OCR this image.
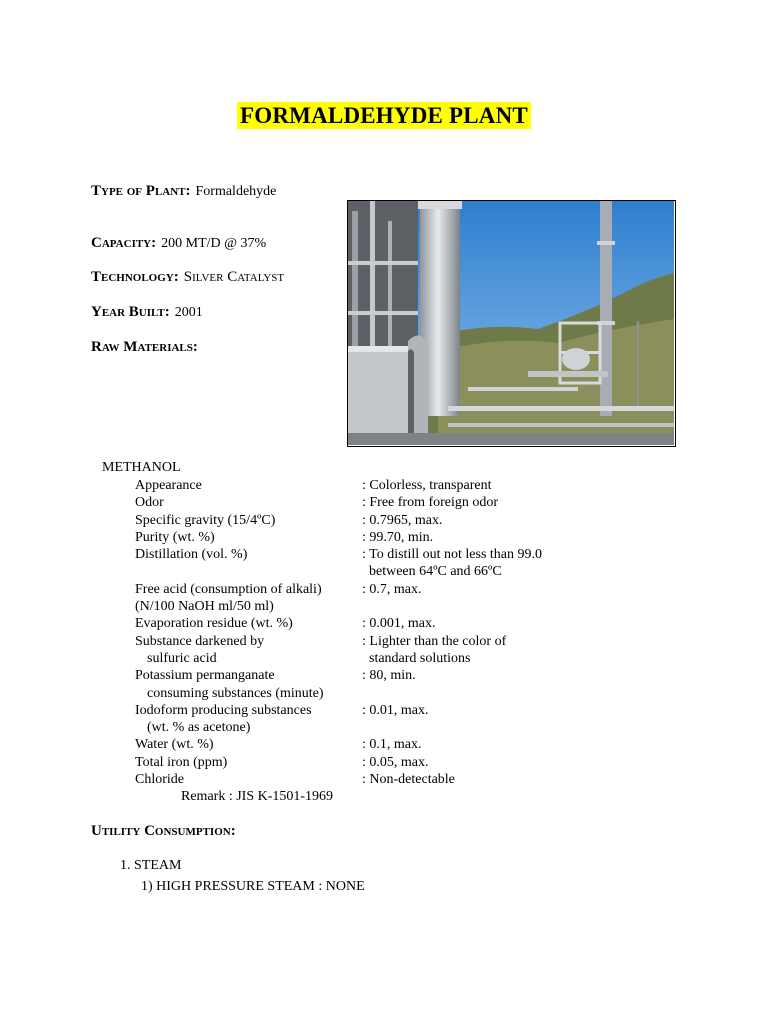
FORMALDEHYDE PLANT
Type of Plant: Formaldehyde
Capacity: 200 MT/D @ 37%
Technology: Silver Catalyst
Year Built: 2001
Raw Materials:
METHANOL
Appearance	: Colorless, transparent
Odor	: Free from foreign odor
Specific gravity (15/4ºC)	: 0.7965, max.
Purity (wt. %)	: 99.70, min.
Distillation (vol. %)	: To distill out not less than 99.0
between 64ºC and 66ºC
Free acid (consumption of alkali)	: 0.7, max.
(N/100 NaOH ml/50 ml)
Evaporation residue (wt. %)	: 0.001, max.
Substance darkened by	: Lighter than the color of
sulfuric acid	standard solutions
Potassium permanganate	: 80, min.
consuming substances (minute)
Iodoform producing substances	: 0.01, max.
(wt. % as acetone)
Water (wt. %)	: 0.1, max.
Total iron (ppm)	: 0.05, max.
Chloride	: Non-detectable
Remark : JIS K-1501-1969
Utility Consumption:
1. STEAM
1) HIGH PRESSURE STEAM : NONE
